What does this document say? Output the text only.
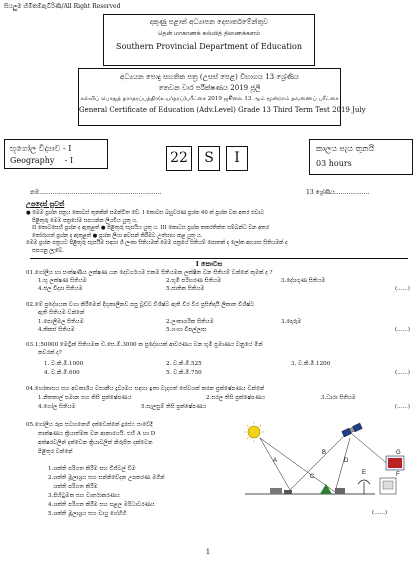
සියලුම හිමිකම්ඇවිරිණි/All Right Reserved
දකුණු පළාත් අධ්‍යාපන දෙපාර්තමේන්තුව
தென் மாகாணக் கல்வித் திணைக்களம்
Southern Provincial Department of Education
අධ්‍යයන පොදු සහතික පත්‍ර (උසස් පෙළ) විභාගය 13 ශ්‍රේණිය
තෙවන වාර පරීක්ෂණය 2019 ජූලි
கல்விப் பொதுத் தராதரப்பத்திர(உயர்தரப்)பரீட்சை 2019 ஜூலை 13 ஆம் மூன்றாம் தவணைப் பரீட்சை
General Certificate of Education (Adv.Level) Grade 13 Third Term Test 2019 July
භූගෝල විද්‍යාව - I
Geography    - I	22	S	I
කාලය පැය තුනයි
03 hours
නම................................................................	13 ශ්‍රේණිය..................
උපදෙස් සුවත්
● මෙම ප්‍රශ්න පත්‍රය කොටස් තුනකින් සමන්විත වේ. I කොටස බහුවරණ ප්‍රශ්න 40 ක් ප්‍රශ්න වන අතර එවාට
පිළිතුරු මෙම පත්‍රයේම සපයන්න ලියවිය යුතු ය.
II කොටසෙහි ප්‍රශ්න ද ඇතුළත් ● පිළිතුරු සැපයිය යුතු ය. III කොටස ප්‍රශ්න තකරතිත්ත සම්බන්ධ වන අතර
තෝරාගත් ප්‍රශ්න ද ඇතුළත් ● ප්‍රශ්න ලියා අවසන් කිරීමට උත්සාහ කළ යුතු ය.
මෙම ප්‍රශ්න පත්‍රයට පිළිතුරු සැපයීම සඳහා ශී ලංකා සිතියමක් මෙම පත්‍රයේ සිතියම් පොතක් ද ලෝක අභ්‍යාස සිතියමක් ද
සපයනු ලැබේ.
I කොටස
01.ගෝලීය හා සංක්ෂණීය ලක්ෂණ යන දෙවර්ගයම එකම සිතියමක ලක්ෂිත වන සිතියම් වන්නේ කුමක් ද ?
1.භූ ලක්ෂණ සිතියම	2.භූමි පරිහරණ සිතියම	3.දේශගුණ සිතියම
4.ජල විද්‍යා සිතියම	5.ජාතික සිතියම	(......)
02.මේ ප්‍රදේශයක වගා කිරීමෙන් දිගුකාලීනව පසු වූව්ව විශිෂ්‍ට ඇති වීර වීර ප්‍රසිතිදායී ලිකාත විශිෂ්‍ට
ඇති සිතියම වන්නේ
1.පොලිමල සිතියම	2.ලංකාගරික සිතියම	3.දොරුම
4.කිකස් සිතියම	5.ගංගා විපල්ලාස	(......)
03.1:50000 මෙට්‍රික් සිතියමක ඩ.සෙ.මී.3000 ක ප්‍රදේශයක් ආවරණය වන භූමි ප්‍රමාණය වනුයේ මීන්
කවරක් ද?
1. ව.කි.මී.1000	2. ව.කි.මී.525	3. ව.කි.මී.1200
4. ව.කි.මී.600	5. ව.කි.මී.750	(......)
04.හෝකාසය සහ අවකාශීය වසානීය ද්‍රව්‍යමය සඳහා ඉතා වැදගත් සේවයක් කරන ප්‍රක්ෂේපණය වන්නේ
1.නිතකාල් සමාන සහ තිසි ප්‍රක්ෂේපණය	2.සරල තිසි ප්‍රක්ෂේපණය	3.ධාරා සිතියම
4.ගෝල සිතියම	5.සැලසුම් තිසි ප්‍රක්ෂේපණය	(......)
05.ගෝලීය රූප සටහනෙහි දක්වෙන්නේ දුරස්ථ සංවේදී
තාක්ෂණය ක්‍රියාත්මක වන ආකාරයයි. එහි A හා D
අක්ෂරවලින් දක්වෙන ක්‍රියාවලින් නිරූපිත දක්වෙන
පිළිතුර වන්නේ
1.ශක්ති පරිගත කිරීම සහ ඩිජිටල් වීම
2.ශක්ති මූලාශ්‍රය සහ සන්නිවේදන උපකරණ මගින්
ශක්ති පරිගත කිරීම
3.පිහිටුමක සහ වාර්තාකරණය
4.ශක්ති පරිගත කිරීම සහ පළල මරිධාවරණය
5.ශක්ති මූලාශ්‍රය සහ වායු ගේහිගී	(......)
A
B
C
D
E	F
G
1
